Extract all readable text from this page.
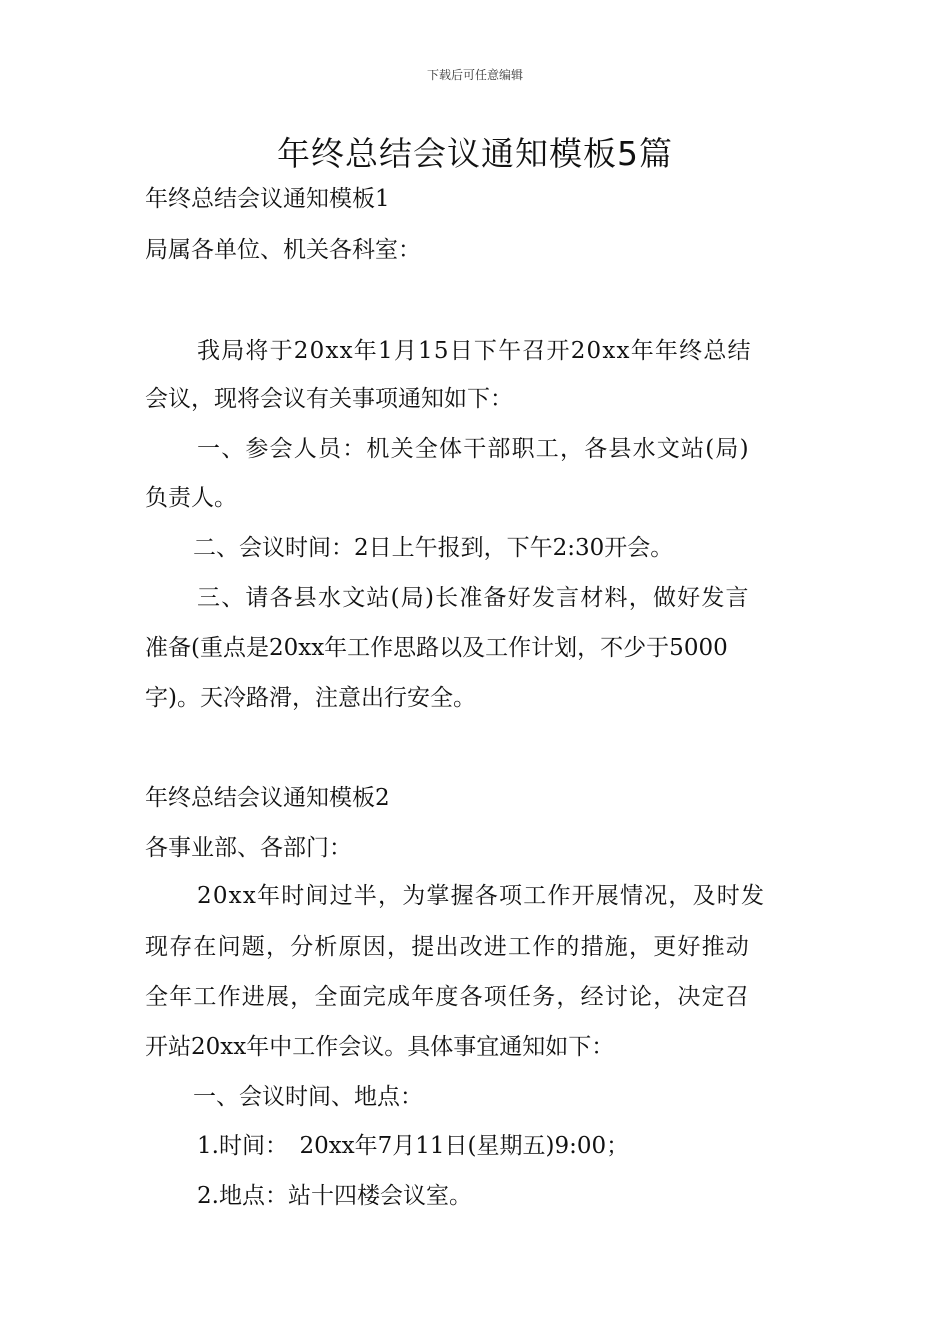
下载后可任意编辑
年终总结会议通知模板5篇
年终总结会议通知模板1
局属各单位、机关各科室：
我局将于20xx年1月15日下午召开20xx年年终总结
会议，现将会议有关事项通知如下：
一、参会人员：机关全体干部职工，各县水文站(局)
负责人。
二、会议时间：2日上午报到，下午2:30开会。
三、请各县水文站(局)长准备好发言材料，做好发言
准备(重点是20xx年工作思路以及工作计划，不少于5000
字)。天冷路滑，注意出行安全。
年终总结会议通知模板2
各事业部、各部门：
20xx年时间过半，为掌握各项工作开展情况，及时发
现存在问题，分析原因，提出改进工作的措施，更好推动
全年工作进展，全面完成年度各项任务，经讨论，决定召
开站20xx年中工作会议。具体事宜通知如下：
一、会议时间、地点：
1.时间：　20xx年7月11日(星期五)9:00；
2.地点：站十四楼会议室。
